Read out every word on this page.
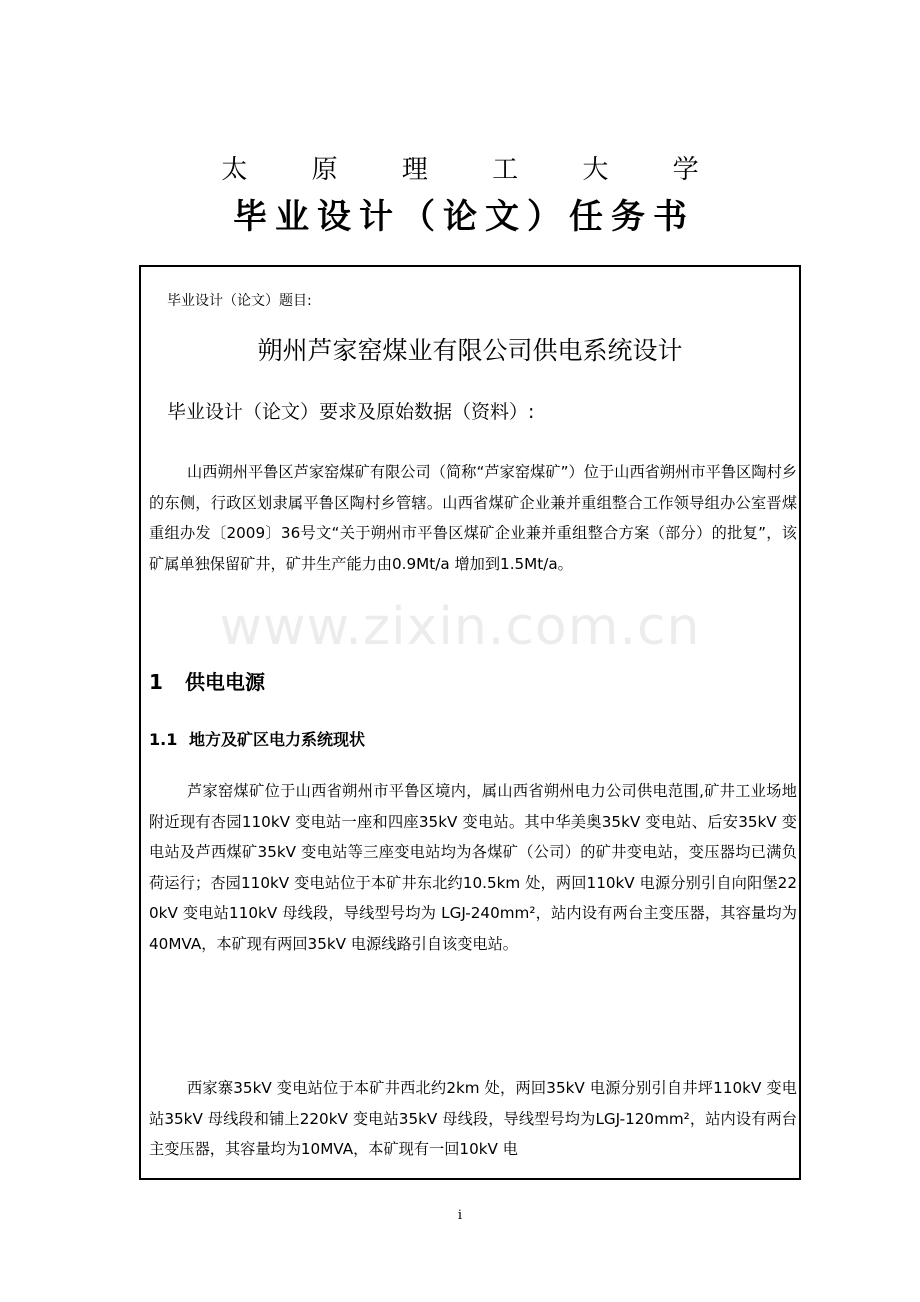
太 原 理 工 大 学
毕业设计（论文）任务书
毕业设计（论文）题目:
朔州芦家窑煤业有限公司供电系统设计
毕业设计（论文）要求及原始数据（资料）:

山西朔州平鲁区芦家窑煤矿有限公司（简称“芦家窑煤矿”）位于山西省朔州市平鲁区陶村乡的东侧，行政区划隶属平鲁区陶村乡管辖。山西省煤矿企业兼并重组整合工作领导组办公室晋煤重组办发〔2009〕36号文“关于朔州市平鲁区煤矿企业兼并重组整合方案（部分）的批复”，该矿属单独保留矿井，矿井生产能力由0.9Mt/a 增加到1.5Mt/a。

1 供电电源
1.1 地方及矿区电力系统现状

芦家窑煤矿位于山西省朔州市平鲁区境内，属山西省朔州电力公司供电范围,矿井工业场地附近现有杏园110kV 变电站一座和四座35kV 变电站。其中华美奥35kV 变电站、后安35kV 变电站及芦西煤矿35kV 变电站等三座变电站均为各煤矿（公司）的矿井变电站，变压器均已满负荷运行；杏园110kV 变电站位于本矿井东北约10.5km 处，两回110kV 电源分别引自向阳堡220kV 变电站110kV 母线段，导线型号均为 LGJ-240mm²，站内设有两台主变压器，其容量均为40MVA，本矿现有两回35kV 电源线路引自该变电站。

西家寨35kV 变电站位于本矿井西北约2km 处，两回35kV 电源分别引自井坪110kV 变电站35kV 母线段和铺上220kV 变电站35kV 母线段，导线型号均为LGJ-120mm²，站内设有两台主变压器，其容量均为10MVA，本矿现有一回10kV 电

www.zixin.com.cn
i
